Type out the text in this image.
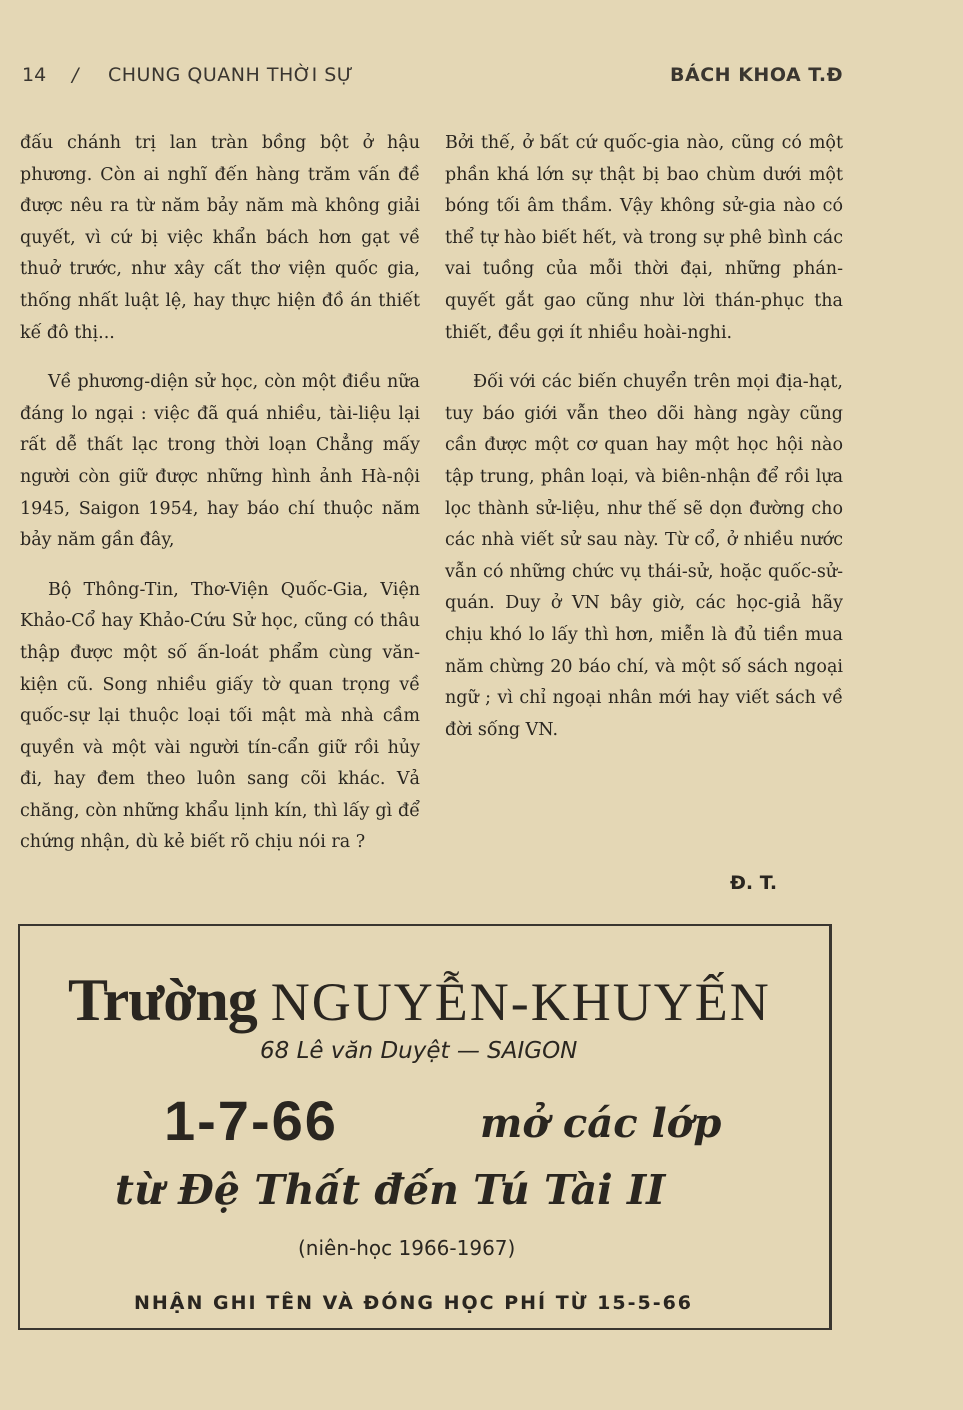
14 / CHUNG QUANH THỜI SỰ	BÁCH KHOA T.Đ

đấu chánh trị lan tràn bồng bột ở hậu phương. Còn ai nghĩ đến hàng trăm vấn đề được nêu ra từ năm bảy năm mà không giải quyết, vì cứ bị việc khẩn bách hơn gạt về thuở trước, như xây cất thơ viện quốc gia, thống nhất luật lệ, hay thực hiện đồ án thiết kế đô thị...

Về phương-diện sử học, còn một điều nữa đáng lo ngại : việc đã quá nhiều, tài-liệu lại rất dễ thất lạc trong thời loạn Chẳng mấy người còn giữ được những hình ảnh Hà-nội 1945, Saigon 1954, hay báo chí thuộc năm bảy năm gần đây,

Bộ Thông-Tin, Thơ-Viện Quốc-Gia, Viện Khảo-Cổ hay Khảo-Cứu Sử học, cũng có thâu thập được một số ấn-loát phẩm cùng văn-kiện cũ. Song nhiều giấy tờ quan trọng về quốc-sự lại thuộc loại tối mật mà nhà cầm quyền và một vài người tín-cẩn giữ rồi hủy đi, hay đem theo luôn sang cõi khác. Vả chăng, còn những khẩu lịnh kín, thì lấy gì để chứng nhận, dù kẻ biết rõ chịu nói ra ?

Bởi thế, ở bất cứ quốc-gia nào, cũng có một phần khá lớn sự thật bị bao chùm dưới một bóng tối âm thầm. Vậy không sử-gia nào có thể tự hào biết hết, và trong sự phê bình các vai tuồng của mỗi thời đại, những phán-quyết gắt gao cũng như lời thán-phục tha thiết, đều gợi ít nhiều hoài-nghi.

Đối với các biến chuyển trên mọi địa-hạt, tuy báo giới vẫn theo dõi hàng ngày cũng cần được một cơ quan hay một học hội nào tập trung, phân loại, và biên-nhận để rồi lựa lọc thành sử-liệu, như thế sẽ dọn đường cho các nhà viết sử sau này. Từ cổ, ở nhiều nước vẫn có những chức vụ thái-sử, hoặc quốc-sử-quán. Duy ở VN bây giờ, các học-giả hãy chịu khó lo lấy thì hơn, miễn là đủ tiền mua năm chừng 20 báo chí, và một số sách ngoại ngữ ; vì chỉ ngoại nhân mới hay viết sách về đời sống VN.

Đ. T.
Trường NGUYỄN-KHUYẾN
68 Lê văn Duyệt — SAIGON
1-7-66	mở các lớp
từ Đệ Thất đến Tú Tài II
(niên-học 1966-1967)
NHẬN GHI TÊN VÀ ĐÓNG HỌC PHÍ TỪ 15-5-66
